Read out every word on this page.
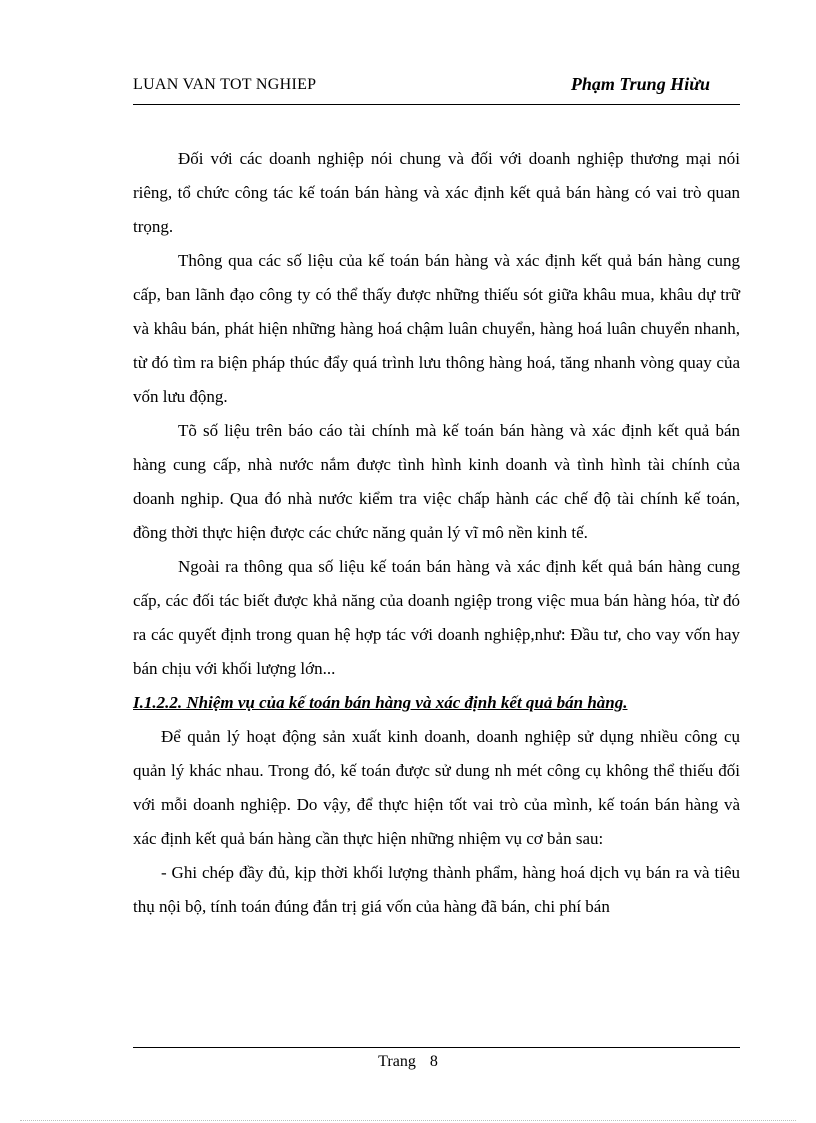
LUAN VAN TOT NGHIEP	Phạm Trung Hiừu

Đối với các doanh nghiệp nói chung và đối với doanh nghiệp thương mại nói riêng, tổ chức công tác kế toán bán hàng và xác định kết quả bán hàng có vai trò quan trọng.

Thông qua các số liệu của kế toán bán hàng và xác định kết quả bán hàng cung cấp, ban lãnh đạo công ty có thể thấy được những thiếu sót giữa khâu mua, khâu dự trữ và khâu bán, phát hiện những hàng hoá chậm luân chuyển, hàng hoá luân chuyển nhanh, từ đó tìm ra biện pháp thúc đẩy quá trình lưu thông hàng hoá, tăng nhanh vòng quay của vốn lưu động.

Tõ số liệu trên báo cáo tài chính mà kế toán bán hàng và xác định kết quả bán hàng cung cấp, nhà nước nắm được tình hình kinh doanh và tình hình tài chính của doanh nghip. Qua đó nhà nước kiểm tra việc chấp hành các chế độ tài chính kế toán, đồng thời thực hiện được các chức năng quản lý vĩ mô nền kinh tế.

Ngoài ra thông qua số liệu kế toán bán hàng và xác định kết quả bán hàng cung cấp, các đối tác biết được khả năng của doanh ngiệp trong việc mua bán hàng hóa, từ đó ra các quyết định trong quan hệ hợp tác với doanh nghiệp,như: Đầu tư, cho vay vốn hay bán chịu với khối lượng lớn...

I.1.2.2. Nhiệm vụ của kế toán bán hàng và xác định kết quả bán hàng.

Để quản lý hoạt động sản xuất kinh doanh, doanh nghiệp sử dụng nhiều công cụ quản lý khác nhau. Trong đó, kế toán được sử dung nh mét công cụ không thể thiếu đối với mỗi doanh nghiệp. Do vậy, để thực hiện tốt vai trò của mình, kế toán bán hàng và xác định kết quả bán hàng cần thực hiện những nhiệm vụ cơ bản sau:

- Ghi chép đầy đủ, kịp thời khối lượng thành phẩm, hàng hoá dịch vụ bán ra và tiêu thụ nội bộ, tính toán đúng đắn trị giá vốn của hàng đã bán, chi phí bán

Trang 8
